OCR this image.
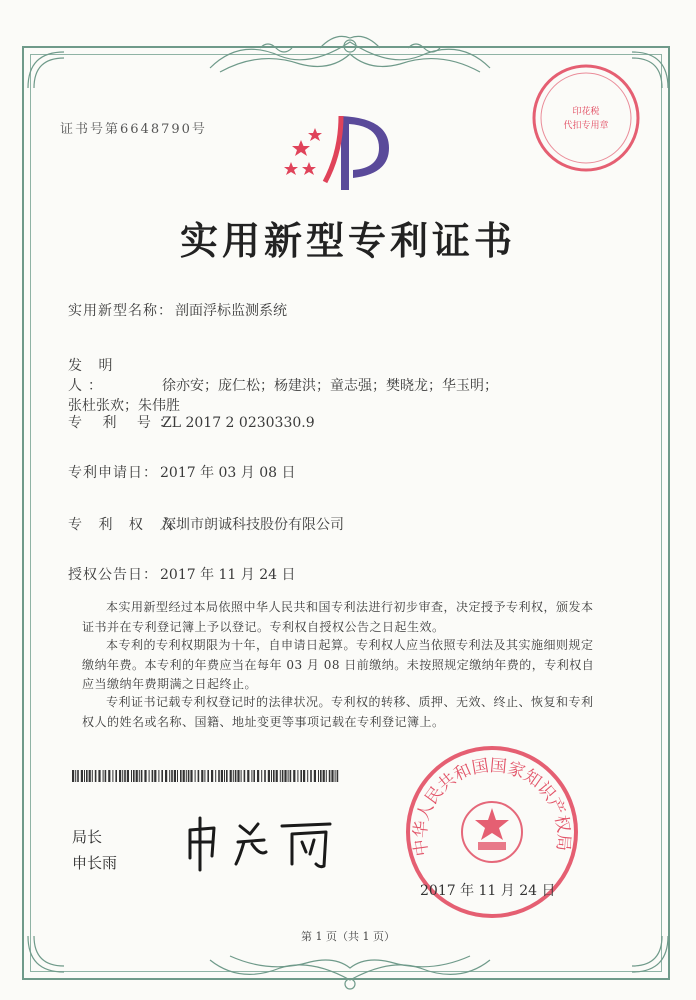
证书号第6648790号
印花税
代扣专用章
实用新型专利证书
实用新型名称： 剖面浮标监测系统
发 明 人：	徐亦安；庞仁松；杨建洪；童志强；樊晓龙；华玉明；张杜张欢；朱伟胜
专 利 号：ZL 2017 2 0230330.9
专利申请日： 2017 年 03 月 08 日
专 利 权 人：深圳市朗诚科技股份有限公司
授权公告日： 2017 年 11 月 24 日
本实用新型经过本局依照中华人民共和国专利法进行初步审查，决定授予专利权，颁发本证书并在专利登记簿上予以登记。专利权自授权公告之日起生效。
本专利的专利权期限为十年，自申请日起算。专利权人应当依照专利法及其实施细则规定缴纳年费。本专利的年费应当在每年 03 月 08 日前缴纳。未按照规定缴纳年费的，专利权自应当缴纳年费期满之日起终止。
专利证书记载专利权登记时的法律状况。专利权的转移、质押、无效、终止、恢复和专利权人的姓名或名称、国籍、地址变更等事项记载在专利登记簿上。
局长
申长雨
中华人民共和国国家知识产权局
2017 年 11 月 24 日
第 1 页（共 1 页）
